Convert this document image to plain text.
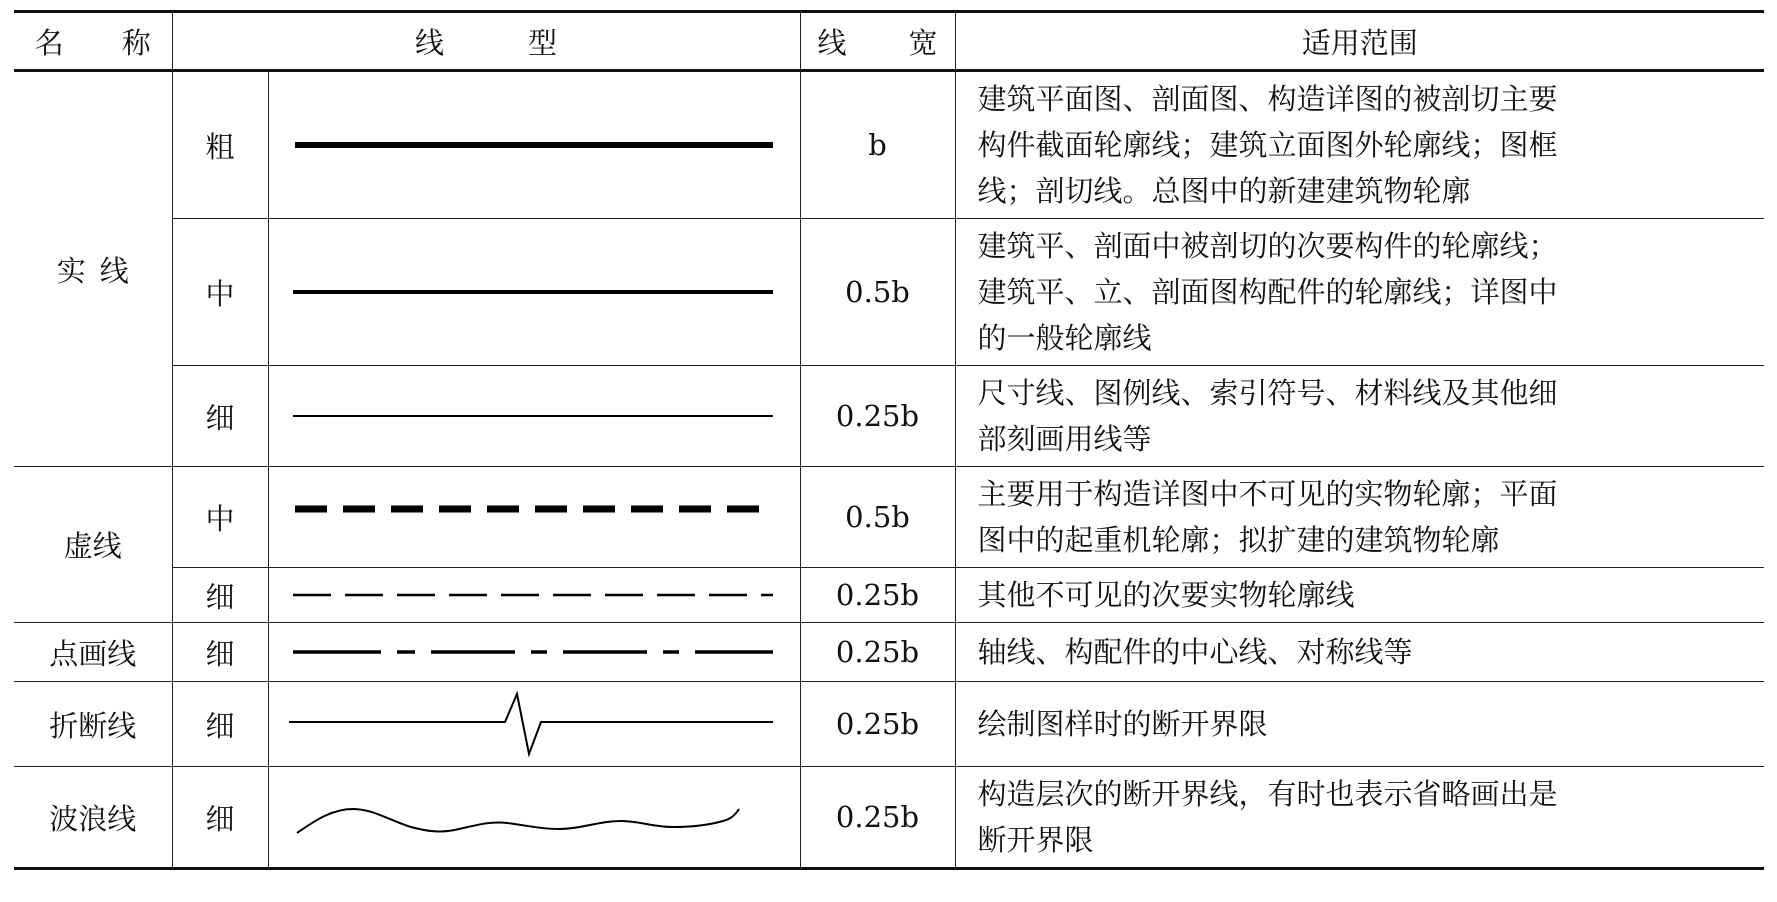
名 称	线 型		线 宽	适用范围
实 线	粗		b	建筑平面图、剖面图、构造详图的被剖切主要
构件截面轮廓线；建筑立面图外轮廓线；图框
线；剖切线。总图中的新建建筑物轮廓

	中		0.5b	建筑平、剖面中被剖切的次要构件的轮廓线；
建筑平、立、剖面图构配件的轮廓线；详图中
的一般轮廓线

	细		0.25b	尺寸线、图例线、索引符号、材料线及其他细
部刻画用线等

虚线	中		0.5b	主要用于构造详图中不可见的实物轮廓；平面
图中的起重机轮廓；拟扩建的建筑物轮廓

	细		0.25b	其他不可见的次要实物轮廓线

点画线	细		0.25b	轴线、构配件的中心线、对称线等
折断线	细		0.25b	绘制图样时的断开界限
波浪线	细		0.25b	构造层次的断开界线，有时也表示省略画出是
断开界限
